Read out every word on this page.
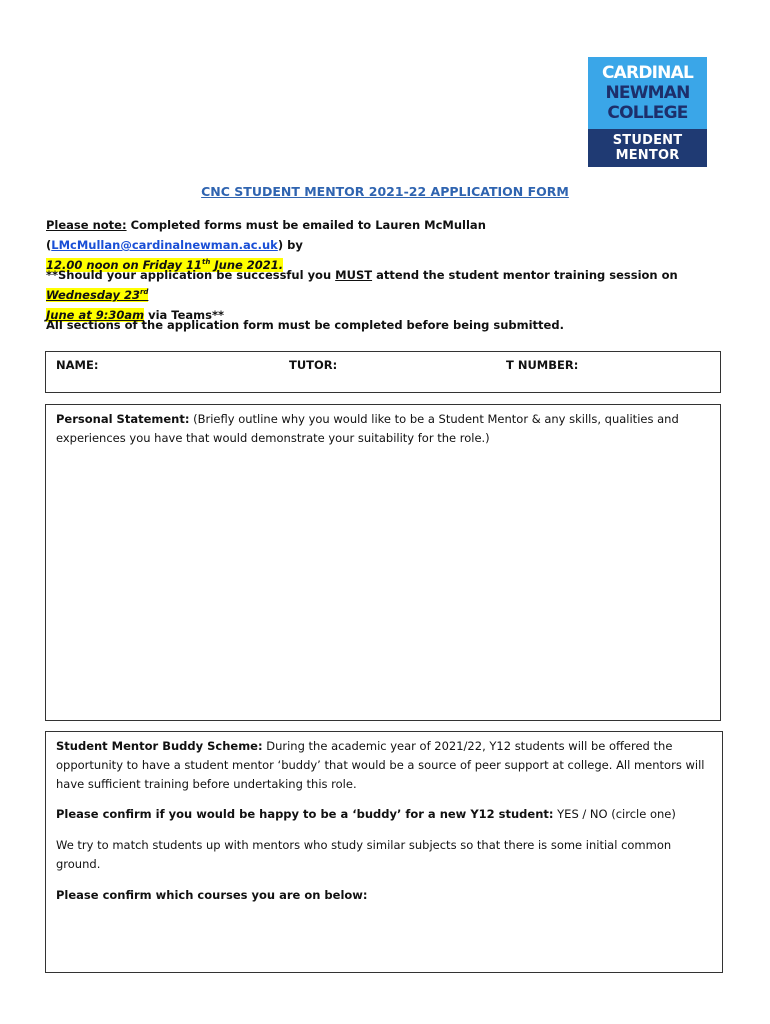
CARDINAL
NEWMAN
COLLEGE
STUDENT
MENTOR
CNC STUDENT MENTOR 2021-22 APPLICATION FORM
Please note: Completed forms must be emailed to Lauren McMullan (LMcMullan@cardinalnewman.ac.uk) by
12.00 noon on Friday 11th June 2021.
**Should your application be successful you MUST attend the student mentor training session on Wednesday 23rd
June at 9:30am via Teams**
All sections of the application form must be completed before being submitted.
NAME:	TUTOR:	T NUMBER:
Personal Statement: (Briefly outline why you would like to be a Student Mentor & any skills, qualities and experiences you have that would demonstrate your suitability for the role.)
Student Mentor Buddy Scheme: During the academic year of 2021/22, Y12 students will be offered the opportunity to have a student mentor ‘buddy’ that would be a source of peer support at college. All mentors will have sufficient training before undertaking this role.
Please confirm if you would be happy to be a ‘buddy’ for a new Y12 student: YES / NO (circle one)
We try to match students up with mentors who study similar subjects so that there is some initial common ground.
Please confirm which courses you are on below:
